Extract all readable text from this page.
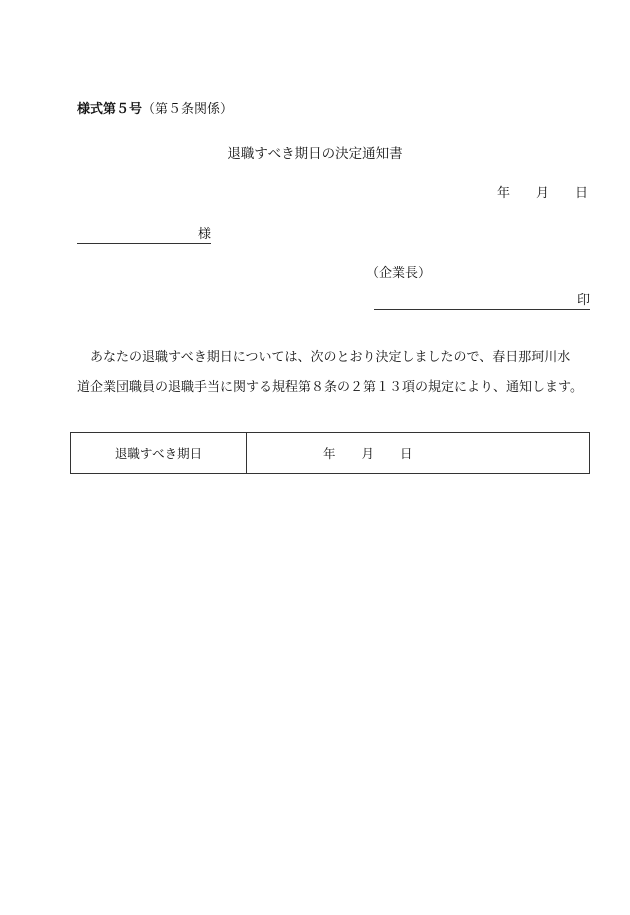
様式第５号（第５条関係）
退職すべき期日の決定通知書
年 月 日
様
（企業長）
印

あなたの退職すべき期日については、次のとおり決定しましたので、春日那珂川水

道企業団職員の退職手当に関する規程第８条の２第１３項の規定により、通知します。

退職すべき期日	年 月 日
